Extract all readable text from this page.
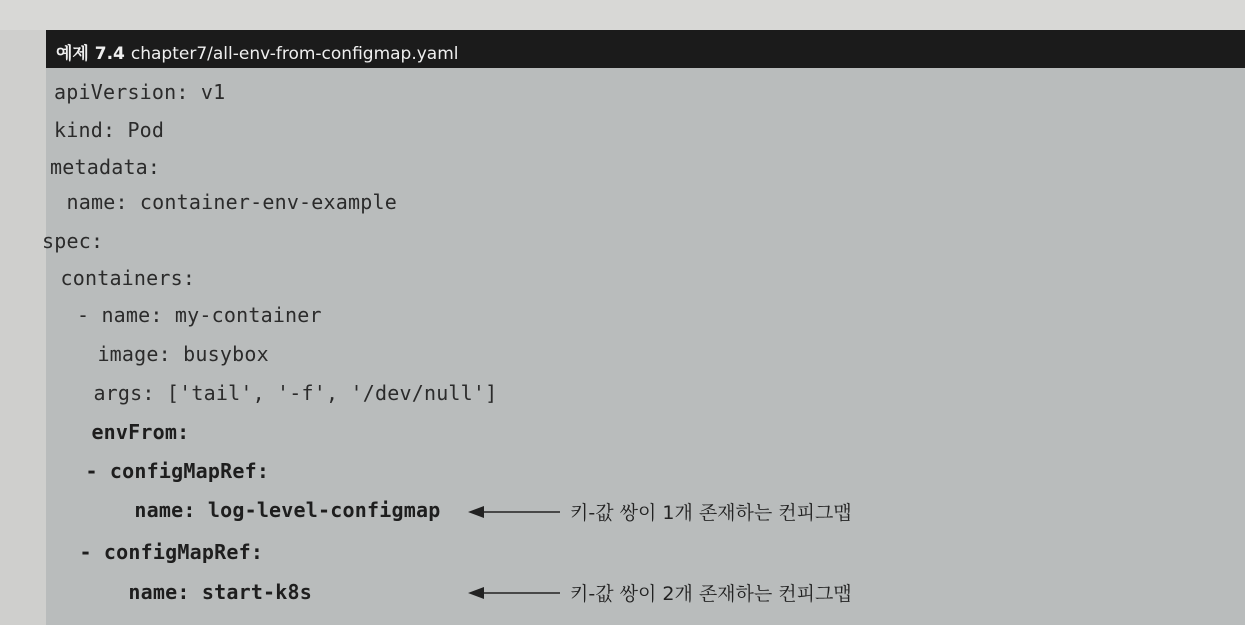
예제 7.4 chapter7/all-env-from-configmap.yaml
apiVersion: v1
kind: Pod
metadata:
name: container-env-example
spec:
containers:
- name: my-container
image: busybox
args: ['tail', '-f', '/dev/null']
envFrom:
- configMapRef:
name: log-level-configmap
- configMapRef:
name: start-k8s
키-값 쌍이 1개 존재하는 컨피그맵
키-값 쌍이 2개 존재하는 컨피그맵
